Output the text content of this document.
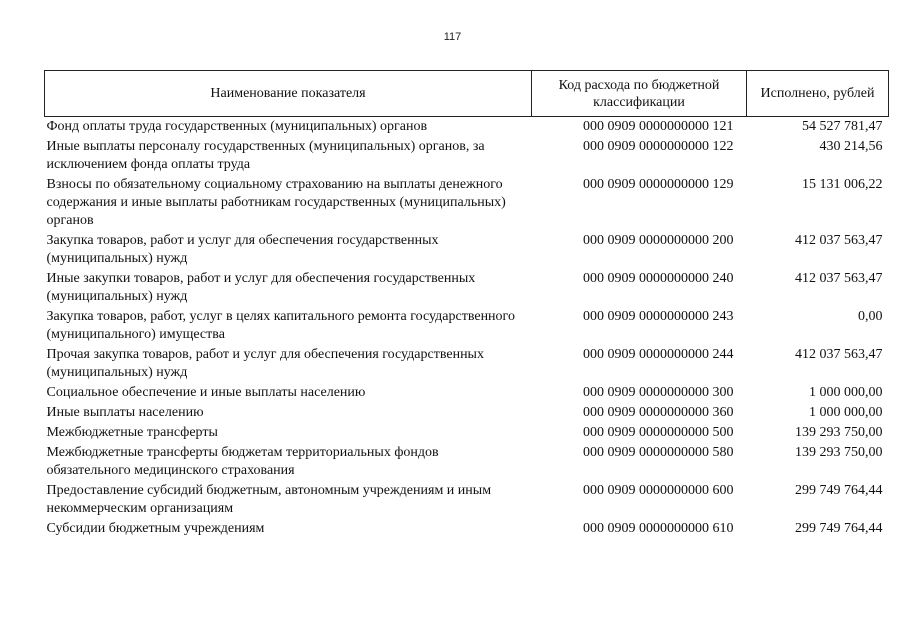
117
Наименование показателя	Код расхода по бюджетной классификации	Исполнено, рублей
Фонд оплаты труда государственных (муниципальных) органов	000 0909 0000000000 121	54 527 781,47
Иные выплаты персоналу государственных (муниципальных) органов, за исключением фонда оплаты труда	000 0909 0000000000 122	430 214,56
Взносы по обязательному социальному страхованию на выплаты денежного содержания и иные выплаты работникам государственных (муниципальных) органов	000 0909 0000000000 129	15 131 006,22
Закупка товаров, работ и услуг для обеспечения государственных (муниципальных) нужд	000 0909 0000000000 200	412 037 563,47
Иные закупки товаров, работ и услуг для обеспечения государственных (муниципальных) нужд	000 0909 0000000000 240	412 037 563,47
Закупка товаров, работ, услуг в целях капитального ремонта государственного (муниципального) имущества	000 0909 0000000000 243	0,00
Прочая закупка товаров, работ и услуг для обеспечения государственных (муниципальных) нужд	000 0909 0000000000 244	412 037 563,47
Социальное обеспечение и иные выплаты населению	000 0909 0000000000 300	1 000 000,00
Иные выплаты населению	000 0909 0000000000 360	1 000 000,00
Межбюджетные трансферты	000 0909 0000000000 500	139 293 750,00
Межбюджетные трансферты бюджетам территориальных фондов обязательного медицинского страхования	000 0909 0000000000 580	139 293 750,00
Предоставление субсидий бюджетным, автономным учреждениям и иным некоммерческим организациям	000 0909 0000000000 600	299 749 764,44
Субсидии бюджетным учреждениям	000 0909 0000000000 610	299 749 764,44
